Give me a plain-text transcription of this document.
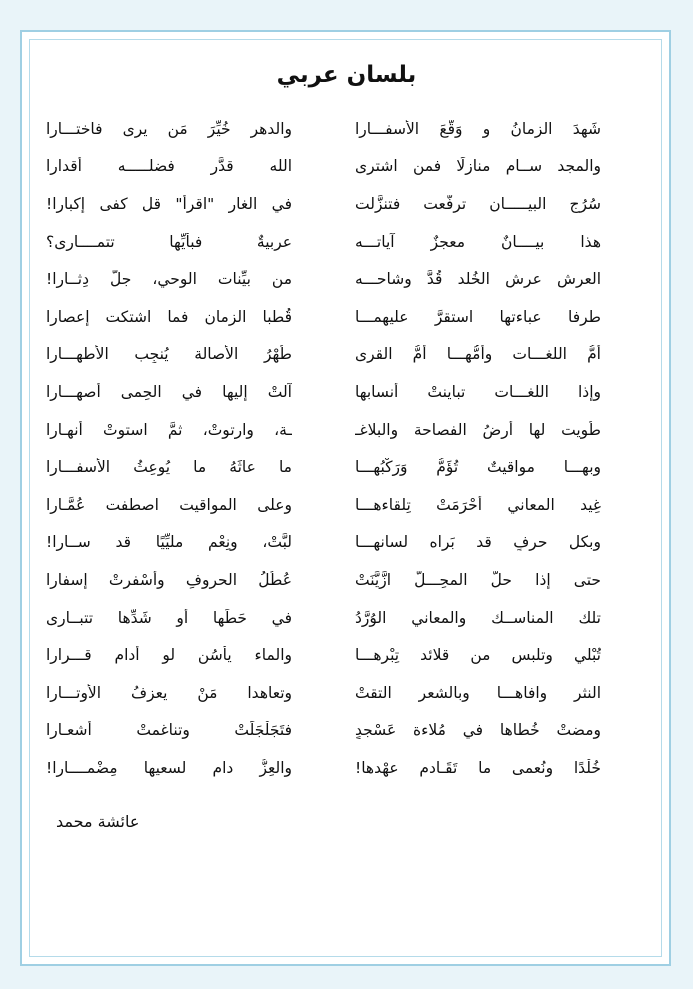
بلسان عربي
شَهِدَ الزمانُ و وَقَّعَ الأسفـــارا
والدهر خُيِّرَ مَن يرى فاختـــارا
والمجد ســام منازلًا فمن اشترى
الله قدَّر فضلـــــه أقدارا
سُرُج البيـــــان ترفَّعت فتنزَّلت
في الغار "اقرأ" قل كفى إكبارا!
هذا بيــــانٌ معجزٌ آياتـــه
عربيةٌ فبأيِّها تتمــــارى؟
العرش عرش الخُلد قُدَّ وِشاحـــه
من بيِّنات الوحي، جلَّ دِثــارا!
طرفا عباءتها استقرَّ عليهمـــا
قُطبا الزمان فما اشتكت إعصارا
أمُّ اللغـــات وأمُّهـــا أمُّ القرى
طُهْرُ الأصالة يُنجِب الأطهـــارا
وإذا اللغـــات تباينتْ أنسابها
آلتْ إليها في الحِمى أصهـــارا
طُويت لها أرضُ الفصاحة والبلاغـ
ـة، وارتوتْ، ثمَّ استوتْ أنهـارا
وبهـــا مواقيتٌ تُؤَمُّ وَرَكْبُهـــا
ما عاثَهُ ما يُوعِثُ الأسفـــارا
غِيد المعاني أحْرَمَتْ تِلقاءهـــا
وعلى المواقيت اصطفت عُمَّـارا
وبكل حرفٍ قد بَراه لسانهـــا
لبَّتْ، ونِعْم مليِّيًا قد ســارا!
حتى إذا حلَّ المحِـــلُّ ازَّيَّنَتْ
عُطُلُ الحروفِ وأسْفرتْ إسفارا
تلك المناســك والمعاني الوُرَّدُ
في حَطِّها أو شَدِّها تتبــارى
تُبْلي وتلبس من قلائد تِبْرهـــا
والماء يأسُن لو أدام قـــرارا
النثر وافاهـــا وبالشعر التقتْ
وتعاهدا مَنْ يعزفُ الأوتـــارا
ومضتْ خُطاها في مُلاءة عَسْجدٍ
فتَجَلْجَلَتْ وتناغمتْ أشعـارا
خُلْدًا ونُعمى ما تَقَـادم عهْدها!
والعِزُّ دام لسعيها مِضْمــــارا!
عائشة محمد
